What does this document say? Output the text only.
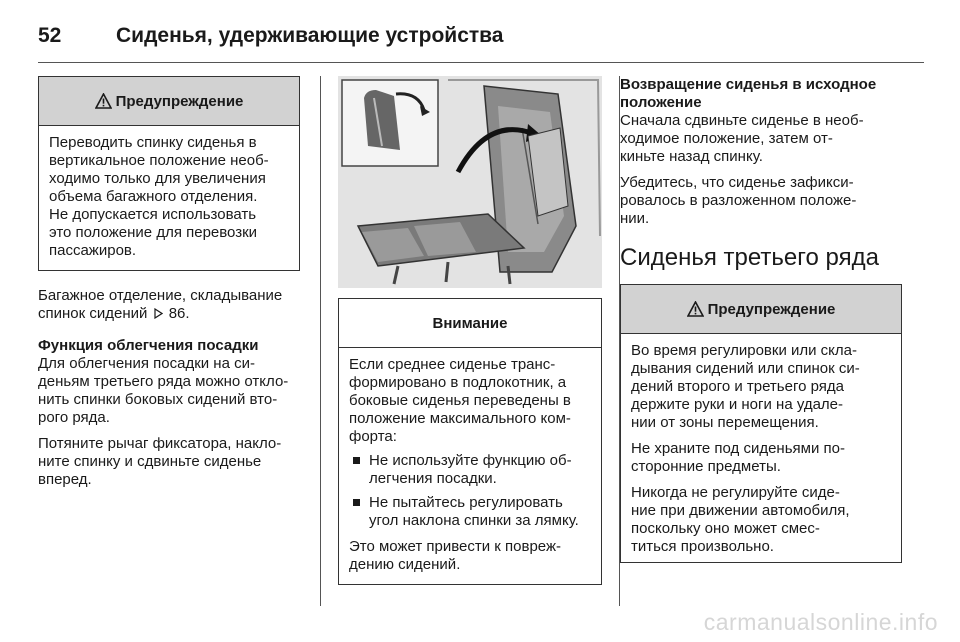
52	Сиденья, удерживающие устройства
Предупреждение

Переводить спинку сиденья в

вертикальное положение необ-

ходимо только для увеличения

объема багажного отделения.

Не допускается использовать

это положение для перевозки

пассажиров.

Багажное отделение, складывание спинок сидений 86.

Функция облегчения посадки

Для облегчения посадки на си-

деньям третьего ряда можно откло-

нить спинки боковых сидений вто-

рого ряда.

Потяните рычаг фиксатора, накло-

ните спинку и сдвиньте сиденье

вперед.

Внимание

Если среднее сиденье транс-

формировано в подлокотник, а

боковые сиденья переведены в

положение максимального ком-

форта:

Не используйте функцию об- легчения посадки.

Не пытайтесь регулировать угол наклона спинки за лямку.

Это может привести к повреж-

дению сидений.

Возвращение сиденья в исходное

положение

Сначала сдвиньте сиденье в необ-

ходимое положение, затем от-

киньте назад спинку.

Убедитесь, что сиденье зафикси-

ровалось в разложенном положе-

нии.

Сиденья третьего ряда
Предупреждение

Во время регулировки или скла-

дывания сидений или спинок си-

дений второго и третьего ряда

держите руки и ноги на удале-

нии от зоны перемещения.

Не храните под сиденьями по-

сторонние предметы.

Никогда не регулируйте сиде-

ние при движении автомобиля,

поскольку оно может смес-

титься произвольно.

carmanualsonline.info
